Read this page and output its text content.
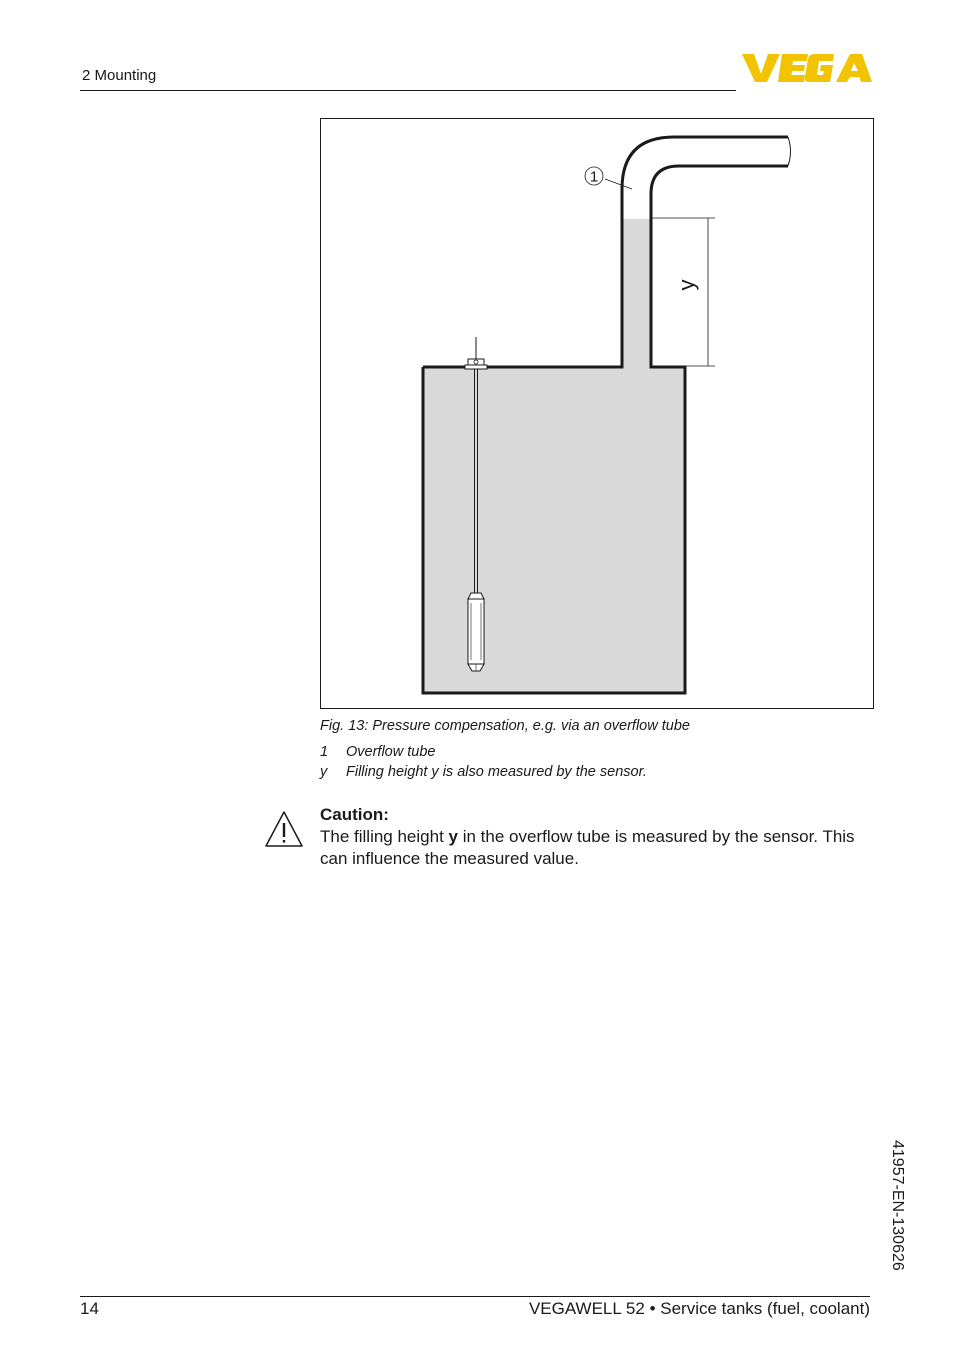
2 Mounting
y
1
Fig. 13: Pressure compensation, e.g. via an overflow tube
1	Overflow tube
y	Filling height y is also measured by the sensor.
Caution:
The filling height y in the overflow tube is measured by the sensor. This can influence the measured value.
41957-EN-130626
14	VEGAWELL 52 • Service tanks (fuel, coolant)
